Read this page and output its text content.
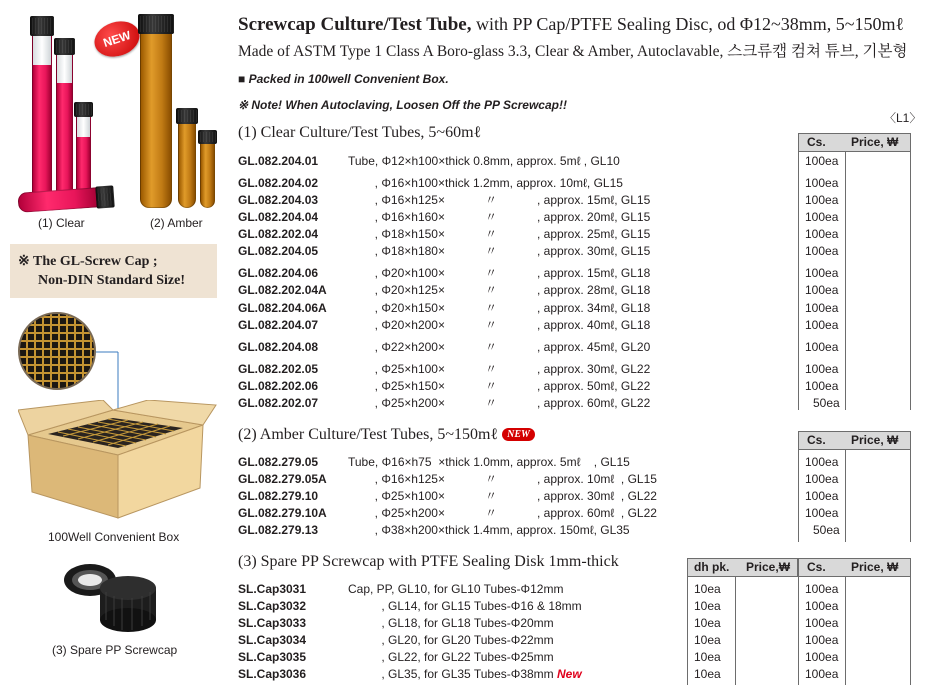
NEW
(1) Clear	(2) Amber
※ The GL-Screw Cap ;
Non-DIN Standard Size!
100Well Convenient Box
(3) Spare PP Screwcap
Screwcap Culture/Test Tube, with PP Cap/PTFE Sealing Disc, od Φ12~38mm, 5~150mℓ
Made of ASTM Type 1 Class A Boro-glass 3.3, Clear & Amber, Autoclavable, 스크류캡 컴쳐 튜브, 기본형
■ Packed in 100well Convenient Box.
※ Note! When Autoclaving, Loosen Off the PP Screwcap!!
〈L1〉
(1) Clear Culture/Test Tubes, 5~60mℓ
Cs. Price, ₩
GL.082.204.01 Tube, Φ12×h100×thick 0.8mm, approx. 5mℓ , GL10	100ea
GL.082.204.02 , Φ16×h100×thick 1.2mm, approx. 10mℓ, GL15	100ea
GL.082.204.03 , Φ16×h125×            〃            , approx. 15mℓ, GL15	100ea
GL.082.204.04 , Φ16×h160×            〃            , approx. 20mℓ, GL15	100ea
GL.082.202.04 , Φ18×h150×            〃            , approx. 25mℓ, GL15	100ea
GL.082.204.05 , Φ18×h180×            〃            , approx. 30mℓ, GL15	100ea
GL.082.204.06 , Φ20×h100×            〃            , approx. 15mℓ, GL18	100ea
GL.082.202.04A , Φ20×h125×            〃            , approx. 28mℓ, GL18	100ea
GL.082.204.06A , Φ20×h150×            〃            , approx. 34mℓ, GL18	100ea
GL.082.204.07 , Φ20×h200×            〃            , approx. 40mℓ, GL18	100ea
GL.082.204.08 , Φ22×h200×            〃            , approx. 45mℓ, GL20	100ea
GL.082.202.05 , Φ25×h100×            〃            , approx. 30mℓ, GL22	100ea
GL.082.202.06 , Φ25×h150×            〃            , approx. 50mℓ, GL22	100ea
GL.082.202.07 , Φ25×h200×            〃            , approx. 60mℓ, GL22	50ea
(2) Amber Culture/Test Tubes, 5~150mℓ NEW	Cs. Price, ₩
GL.082.279.05 Tube, Φ16×h75  ×thick 1.0mm, approx. 5mℓ    , GL15	100ea
GL.082.279.05A , Φ16×h125×            〃            , approx. 10mℓ  , GL15	100ea
GL.082.279.10 , Φ25×h100×            〃            , approx. 30mℓ  , GL22	100ea
GL.082.279.10A , Φ25×h200×            〃            , approx. 60mℓ  , GL22	100ea
GL.082.279.13 , Φ38×h200×thick 1.4mm, approx. 150mℓ, GL35	50ea
(3) Spare PP Screwcap with PTFE Sealing Disk 1mm-thick	dh pk. Price,₩ Cs. Price, ₩
SL.Cap3031	Cap, PP, GL10, for GL10 Tubes-Φ12mm	10ea	100ea
SL.Cap3032	, GL14, for GL15 Tubes-Φ16 & 18mm	10ea	100ea
SL.Cap3033	, GL18, for GL18 Tubes-Φ20mm	10ea	100ea
SL.Cap3034	, GL20, for GL20 Tubes-Φ22mm	10ea	100ea
SL.Cap3035	, GL22, for GL22 Tubes-Φ25mm	10ea	100ea
SL.Cap3036	, GL35, for GL35 Tubes-Φ38mm New	10ea	100ea
